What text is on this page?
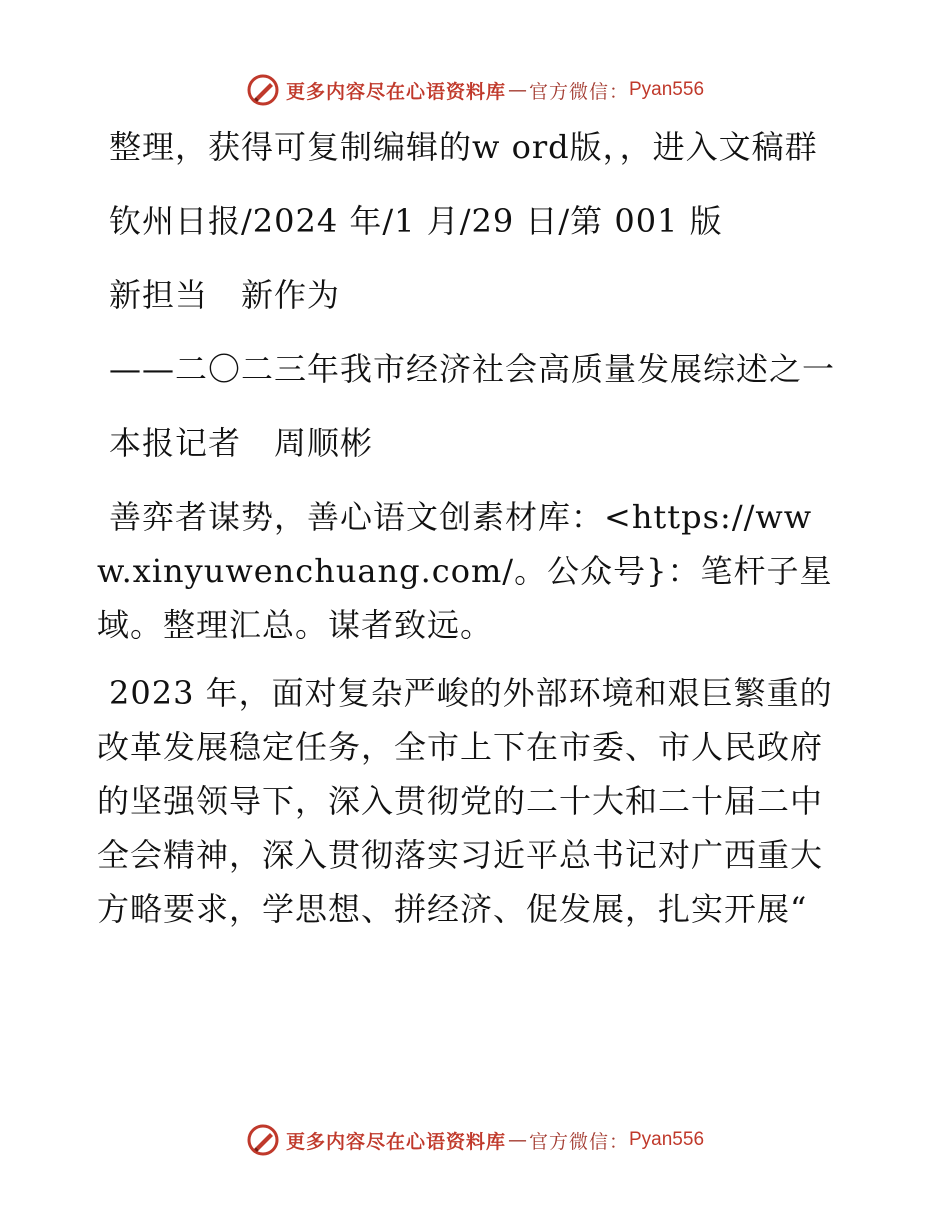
更多内容尽在心语资料库 — 官方微信： Pyan556

整理，获得可复制编辑的w ord版，，进入文稿群

钦州日报/2024 年/1 月/29 日/第 001 版

新担当　新作为

——二〇二三年我市经济社会高质量发展综述之一

本报记者　周顺彬

善弈者谋势，善心语文创素材库：<https://www.xinyuwenchuang.com/。公众号}：笔杆子星域。整理汇总。谋者致远。

2023 年，面对复杂严峻的外部环境和艰巨繁重的改革发展稳定任务，全市上下在市委、市人民政府的坚强领导下，深入贯彻党的二十大和二十届二中全会精神，深入贯彻落实习近平总书记对广西重大方略要求，学思想、拼经济、促发展，扎实开展“

更多内容尽在心语资料库 — 官方微信： Pyan556
